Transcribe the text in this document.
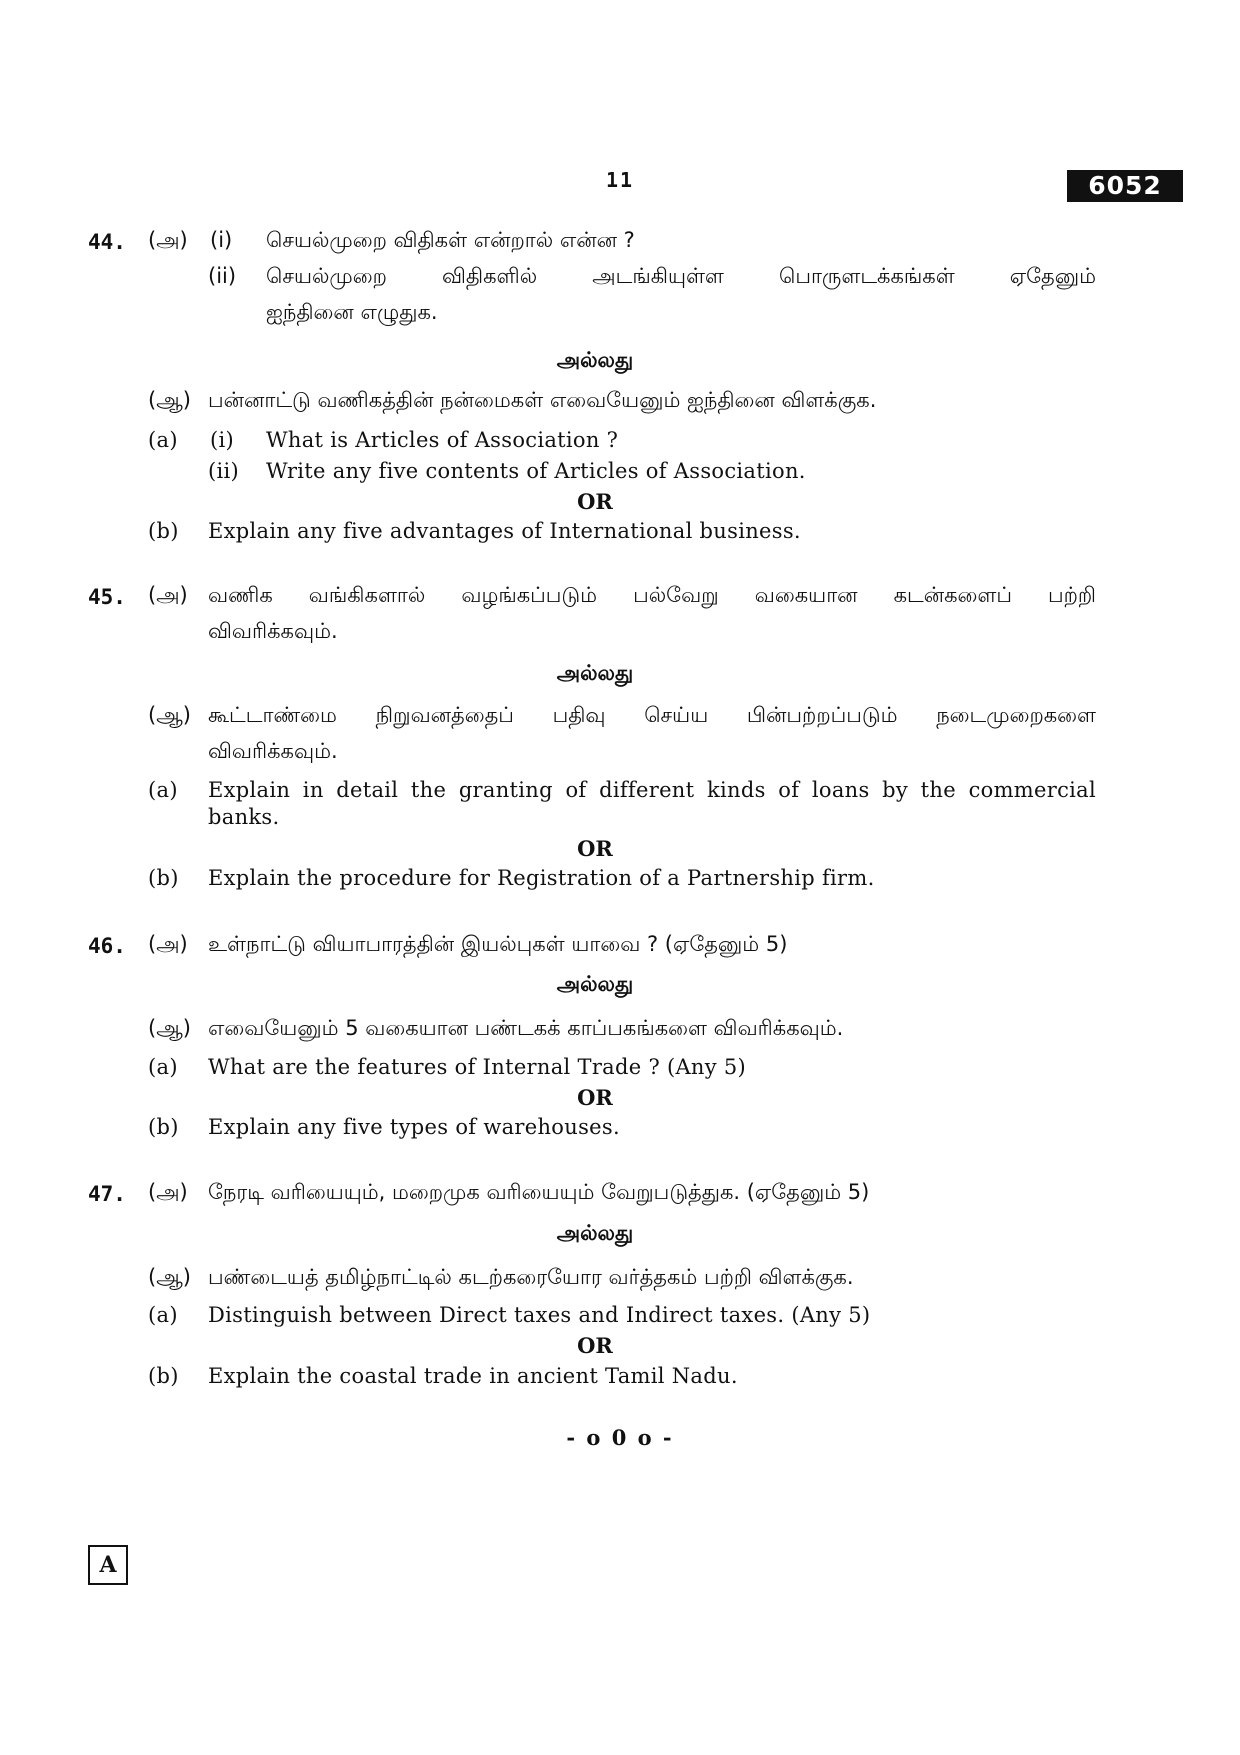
11	6052
44. (அ) (i) செயல்முறை விதிகள் என்றால் என்ன ?
(ii) செயல்முறை விதிகளில் அடங்கியுள்ள பொருளடக்கங்கள் ஏதேனும்
ஐந்தினை எழுதுக.
அல்லது
(ஆ) பன்னாட்டு வணிகத்தின் நன்மைகள் எவையேனும் ஐந்தினை விளக்குக.
(a) (i) What is Articles of Association ?
(ii) Write any five contents of Articles of Association.
OR
(b) Explain any five advantages of International business.
45. (அ) வணிக வங்கிகளால் வழங்கப்படும் பல்வேறு வகையான கடன்களைப் பற்றி
விவரிக்கவும்.
அல்லது
(ஆ) கூட்டாண்மை நிறுவனத்தைப் பதிவு செய்ய பின்பற்றப்படும் நடைமுறைகளை
விவரிக்கவும்.
(a) Explain in detail the granting of different kinds of loans by the commercial
banks.
OR
(b) Explain the procedure for Registration of a Partnership firm.
46. (அ) உள்நாட்டு வியாபாரத்தின் இயல்புகள் யாவை ? (ஏதேனும் 5)
அல்லது
(ஆ) எவையேனும் 5 வகையான பண்டகக் காப்பகங்களை விவரிக்கவும்.
(a) What are the features of Internal Trade ? (Any 5)
OR
(b) Explain any five types of warehouses.
47. (அ) நேரடி வரியையும், மறைமுக வரியையும் வேறுபடுத்துக. (ஏதேனும் 5)
அல்லது
(ஆ) பண்டையத் தமிழ்நாட்டில் கடற்கரையோர வர்த்தகம் பற்றி விளக்குக.
(a) Distinguish between Direct taxes and Indirect taxes. (Any 5)
OR
(b) Explain the coastal trade in ancient Tamil Nadu.
- o 0 o -
A
